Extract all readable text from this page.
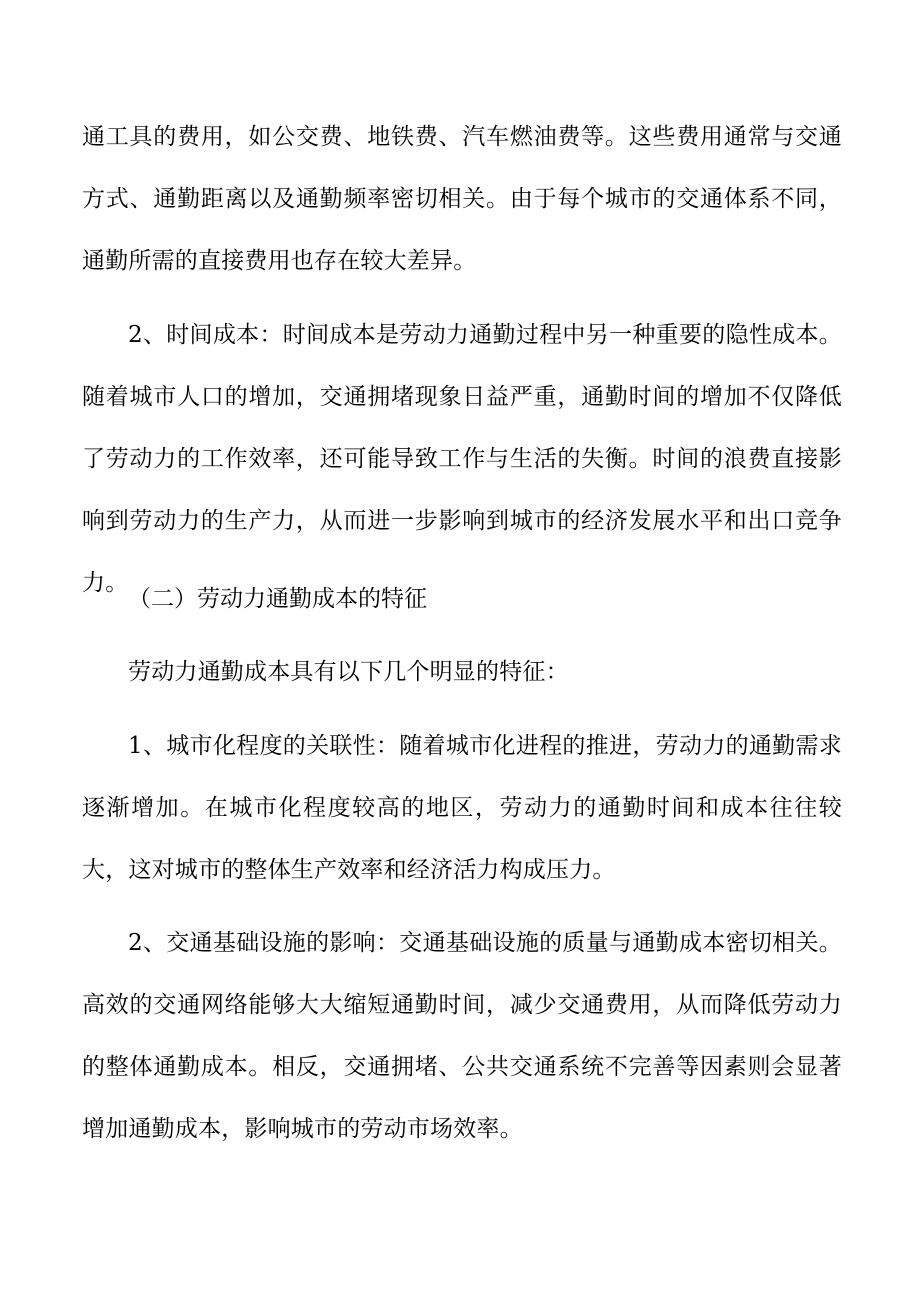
通工具的费用，如公交费、地铁费、汽车燃油费等。这些费用通常与交通方式、通勤距离以及通勤频率密切相关。由于每个城市的交通体系不同，通勤所需的直接费用也存在较大差异。

2、时间成本：时间成本是劳动力通勤过程中另一种重要的隐性成本。随着城市人口的增加，交通拥堵现象日益严重，通勤时间的增加不仅降低了劳动力的工作效率，还可能导致工作与生活的失衡。时间的浪费直接影响到劳动力的生产力，从而进一步影响到城市的经济发展水平和出口竞争力。

（二）劳动力通勤成本的特征

劳动力通勤成本具有以下几个明显的特征：

1、城市化程度的关联性：随着城市化进程的推进，劳动力的通勤需求逐渐增加。在城市化程度较高的地区，劳动力的通勤时间和成本往往较大，这对城市的整体生产效率和经济活力构成压力。

2、交通基础设施的影响：交通基础设施的质量与通勤成本密切相关。高效的交通网络能够大大缩短通勤时间，减少交通费用，从而降低劳动力的整体通勤成本。相反，交通拥堵、公共交通系统不完善等因素则会显著增加通勤成本，影响城市的劳动市场效率。
